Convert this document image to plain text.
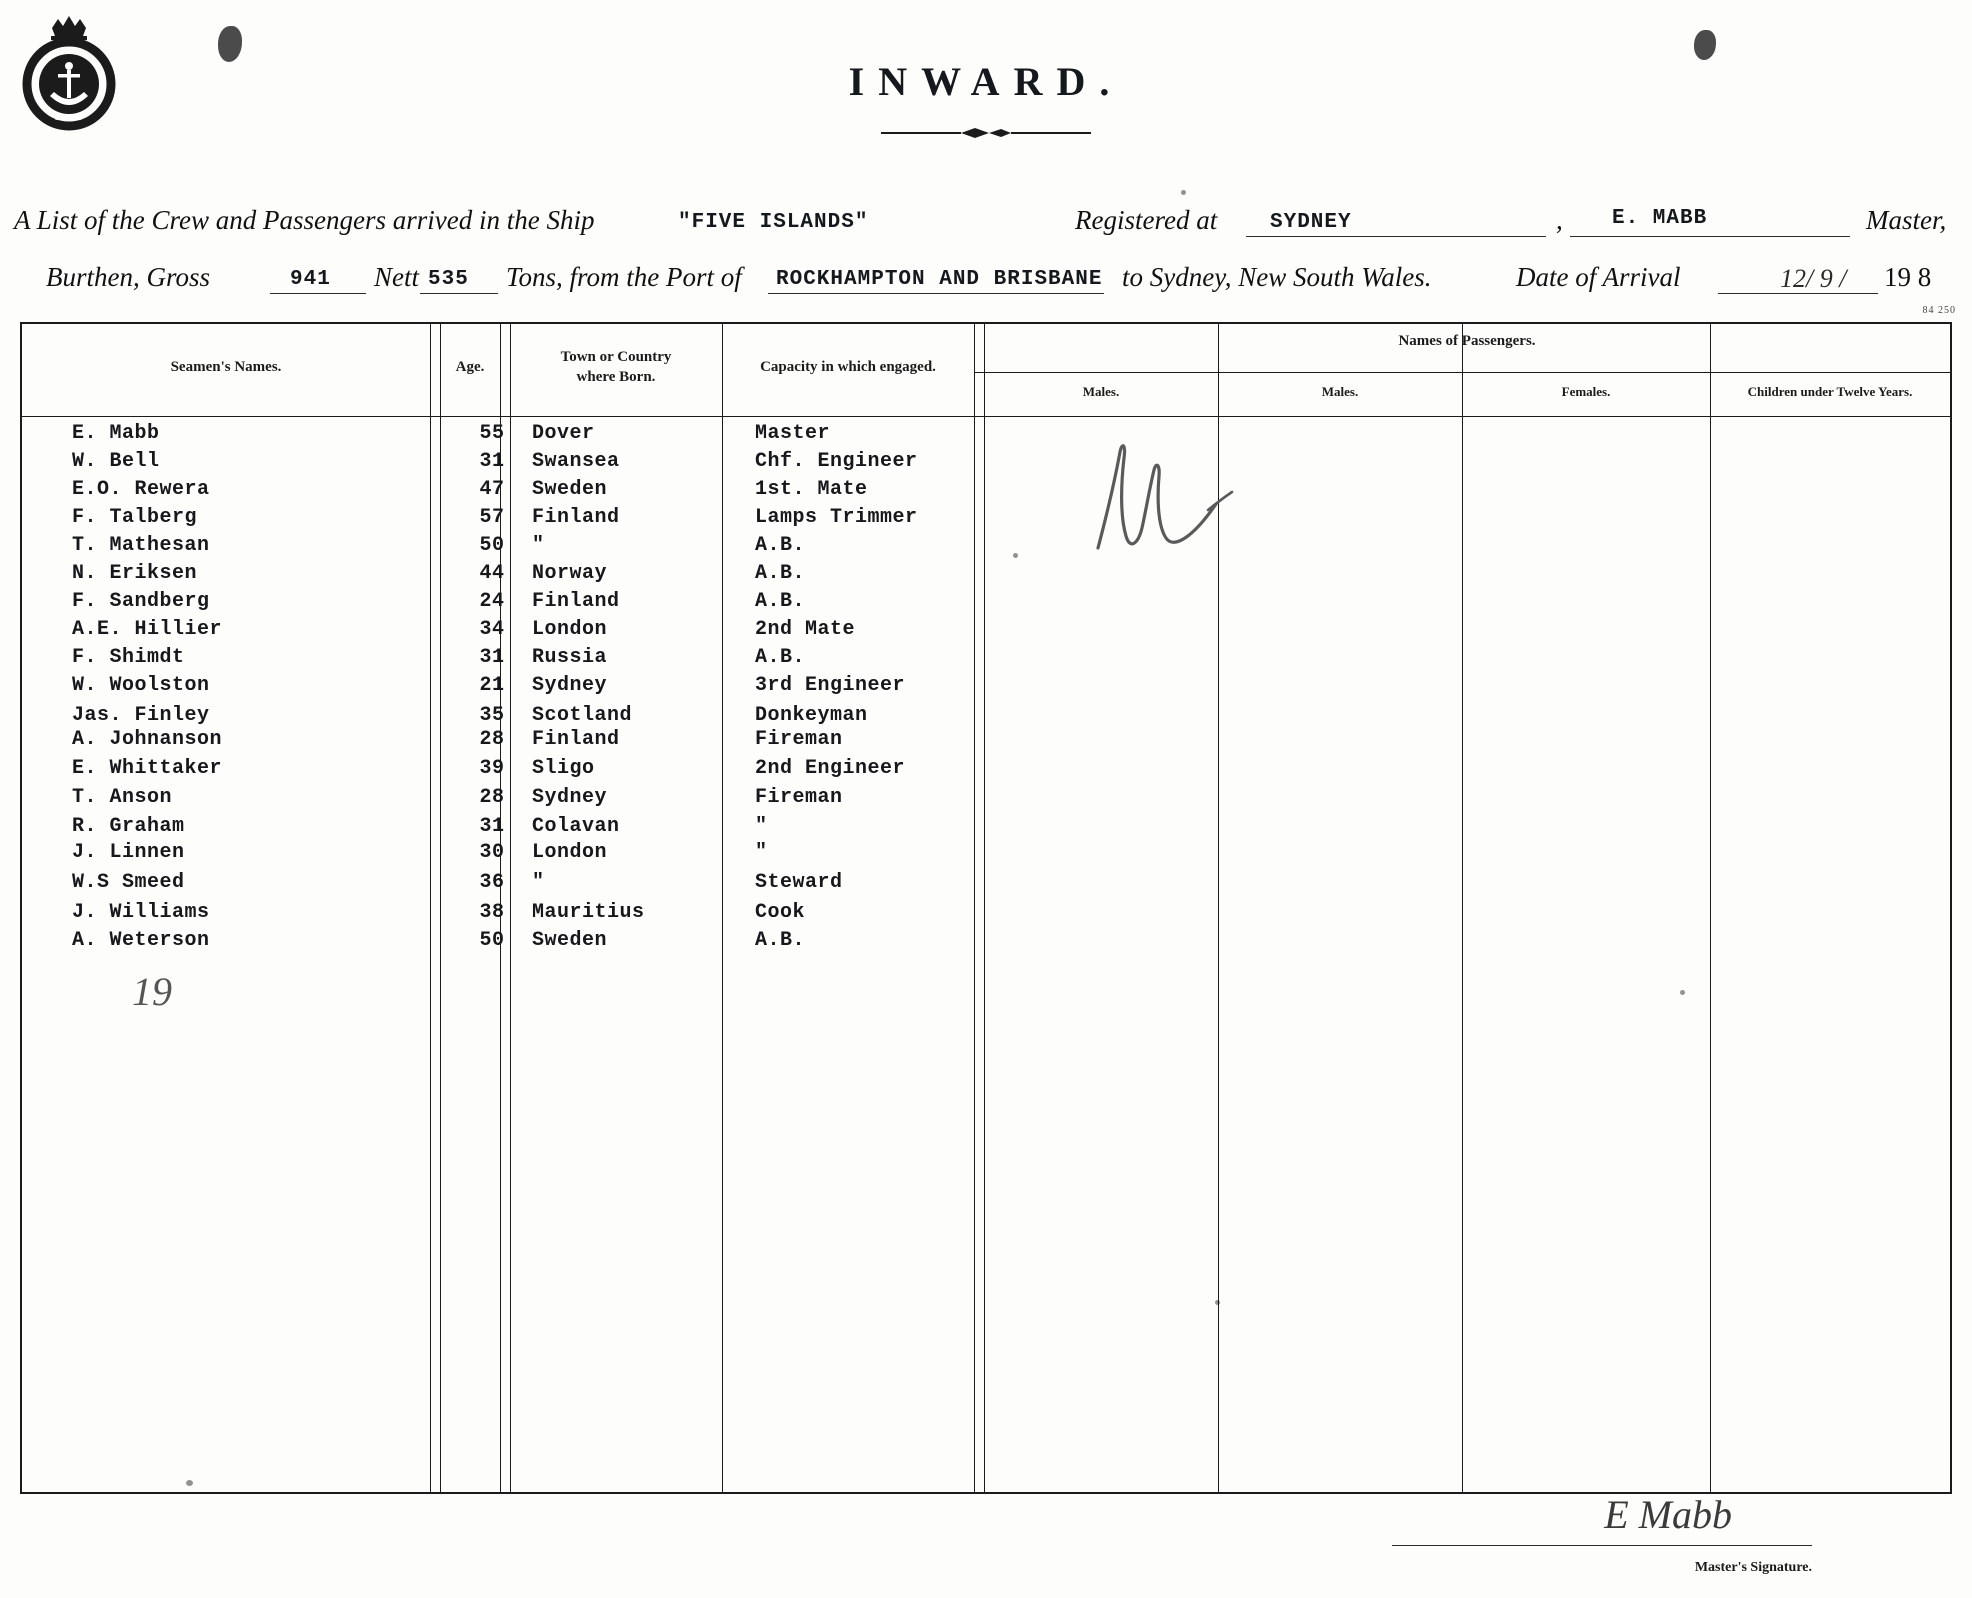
SYDNEY
INWARD.
A List of the Crew and Passengers arrived in the Ship	"FIVE ISLANDS"	Registered at	SYDNEY	, E. MABB	Master,
Burthen, Gross	941 Nett 535 Tons, from the Port of ROCKHAMPTON AND BRISBANE to Sydney, New South Wales.	Date of Arrival	12/ 9 / 19 8
84 250
Seamen's Names.	Age.
Town or Country
where Born.
Capacity in which engaged.
Names of Passengers.
Males.	Males.	Females.	Children under Twelve Years.
E. Mabb	55	Dover	Master
W. Bell	31	Swansea	Chf. Engineer
E.O. Rewera	47	Sweden	1st. Mate
F. Talberg	57	Finland	Lamps Trimmer
T. Mathesan	50	"	A.B.
N. Eriksen	44	Norway	A.B.
F. Sandberg	24	Finland	A.B.
A.E. Hillier	34	London	2nd Mate
F. Shimdt	31	Russia	A.B.
W. Woolston	21	Sydney	3rd Engineer
Jas. Finley	35	Scotland	Donkeyman
A. Johnanson	28	Finland	Fireman
E. Whittaker	39	Sligo	2nd Engineer
T. Anson	28	Sydney	Fireman
R. Graham	31	Colavan	"
J. Linnen	30	London	"
W.S Smeed	36	"	Steward
J. Williams	38	Mauritius	Cook
A. Weterson	50	Sweden	A.B.
19
E Mabb
Master's Signature.
